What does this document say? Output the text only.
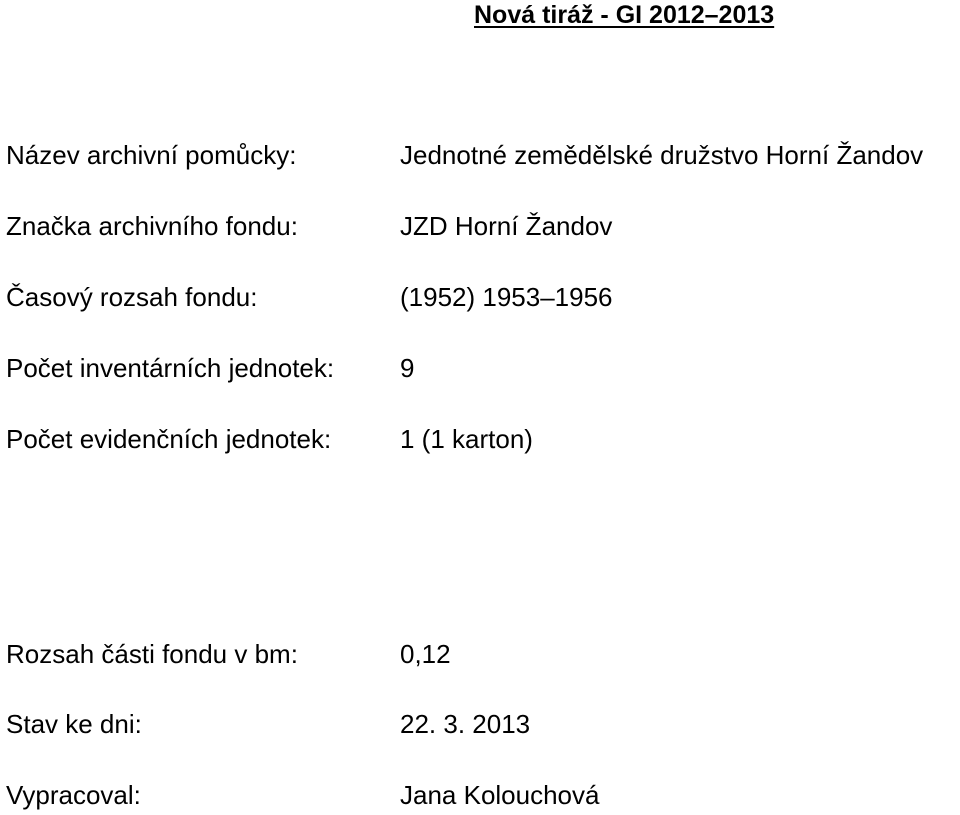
Nová tiráž - GI 2012–2013
Název archivní pomůcky:	Jednotné zemědělské družstvo Horní Žandov
Značka archivního fondu:	JZD Horní Žandov
Časový rozsah fondu:	(1952) 1953–1956
Počet inventárních jednotek:	9
Počet evidenčních jednotek:	1 (1 karton)
Rozsah části fondu v bm:	0,12
Stav ke dni:	22. 3. 2013
Vypracoval:	Jana Kolouchová
